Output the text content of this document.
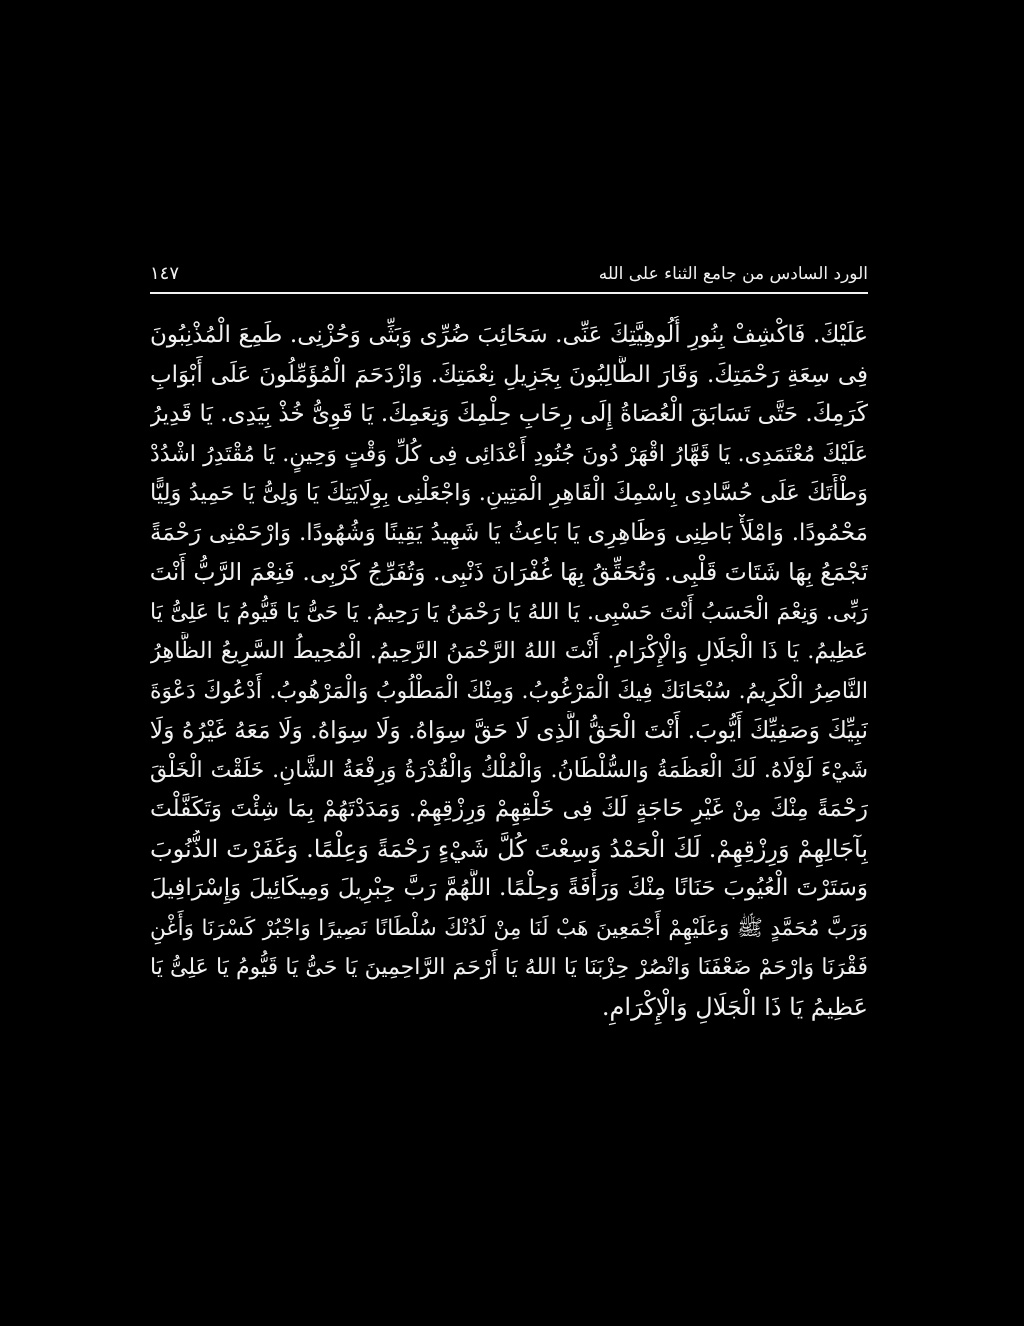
الورد السادس من جامع الثناء على الله
١٤٧
عَلَيْكَ. فَاكْشِفْ بِنُورِ أُلُوهِيَّتِكَ عَنِّى. سَحَائِبَ ضُرِّى وَبَثِّى وَحُزْنِى. طَمِعَ الْمُذْنِبُونَ
فِى سِعَةِ رَحْمَتِكَ. وَقَارَ الطَّالِبُونَ بِجَزِيلِ نِعْمَتِكَ. وَازْدَحَمَ الْمُؤَمِّلُونَ عَلَى أَبْوَابِ
كَرَمِكَ. حَتَّى تَسَابَقَ الْعُصَاةُ إِلَى رِحَابِ حِلْمِكَ وَنِعَمِكَ. يَا قَوِىُّ خُذْ بِيَدِى. يَا قَدِيرُ
عَلَيْكَ مُعْتَمَدِى. يَا قَهَّارُ اقْهَرْ دُونَ جُنُودِ أَعْدَائِى فِى كُلِّ وَقْتٍ وَحِينٍ. يَا مُقْتَدِرُ اشْدُدْ
وَطْأَتَكَ عَلَى حُسَّادِى بِاسْمِكَ الْقَاهِرِ الْمَتِينِ. وَاجْعَلْنِى بِوِلَايَتِكَ يَا وَلِىُّ يَا حَمِيدُ وَلِيًّا
مَحْمُودًا. وَامْلَأْ بَاطِنِى وَظَاهِرِى يَا بَاعِثُ يَا شَهِيدُ يَقِينًا وَشُهُودًا. وَارْحَمْنِى رَحْمَةً
تَجْمَعُ بِهَا شَتَاتَ قَلْبِى. وَتُحَقِّقُ بِهَا غُفْرَانَ ذَنْبِى. وَتُفَرِّجُ كَرْبِى. فَنِعْمَ الرَّبُّ أَنْتَ
رَبِّى. وَنِعْمَ الْحَسَبُ أَنْتَ حَسْبِى. يَا اللهُ يَا رَحْمَنُ يَا رَحِيمُ. يَا حَىُّ يَا قَيُّومُ يَا عَلِىُّ يَا
عَظِيمُ. يَا ذَا الْجَلَالِ وَالْإِكْرَامِ. أَنْتَ اللهُ الرَّحْمَنُ الرَّحِيمُ. الْمُحِيطُ السَّرِيعُ الظَّاهِرُ
النَّاصِرُ الْكَرِيمُ. سُبْحَانَكَ فِيكَ الْمَرْغُوبُ. وَمِنْكَ الْمَطْلُوبُ وَالْمَرْهُوبُ. أَدْعُوكَ دَعْوَةَ
نَبِيِّكَ وَصَفِيِّكَ أَيُّوبَ. أَنْتَ الْحَقُّ الَّذِى لَا حَقَّ سِوَاهُ. وَلَا سِوَاهُ. وَلَا مَعَهُ غَيْرُهُ وَلَا
شَيْءَ لَوْلَاهُ. لَكَ الْعَظَمَةُ وَالسُّلْطَانُ. وَالْمُلْكُ وَالْقُدْرَةُ وَرِفْعَةُ الشَّانِ. خَلَقْتَ الْخَلْقَ
رَحْمَةً مِنْكَ مِنْ غَيْرِ حَاجَةٍ لَكَ فِى خَلْقِهِمْ وَرِزْقِهِمْ. وَمَدَدْتَهُمْ بِمَا شِئْتَ وَتَكَفَّلْتَ
بِآجَالِهِمْ وَرِزْقِهِمْ. لَكَ الْحَمْدُ وَسِعْتَ كُلَّ شَيْءٍ رَحْمَةً وَعِلْمًا. وَغَفَرْتَ الذُّنُوبَ
وَسَتَرْتَ الْعُيُوبَ حَنَانًا مِنْكَ وَرَأْفَةً وَحِلْمًا. اللَّهُمَّ رَبَّ جِبْرِيلَ وَمِيكَائِيلَ وَإِسْرَافِيلَ
وَرَبَّ مُحَمَّدٍ ﷺ وَعَلَيْهِمْ أَجْمَعِينَ هَبْ لَنَا مِنْ لَدُنْكَ سُلْطَانًا نَصِيرًا وَاجْبُرْ كَسْرَنَا وَأَغْنِ
فَقْرَنَا وَارْحَمْ ضَعْفَنَا وَانْصُرْ حِزْبَنَا يَا اللهُ يَا أَرْحَمَ الرَّاحِمِينَ يَا حَىُّ يَا قَيُّومُ يَا عَلِىُّ يَا
عَظِيمُ يَا ذَا الْجَلَالِ وَالْإِكْرَامِ.
